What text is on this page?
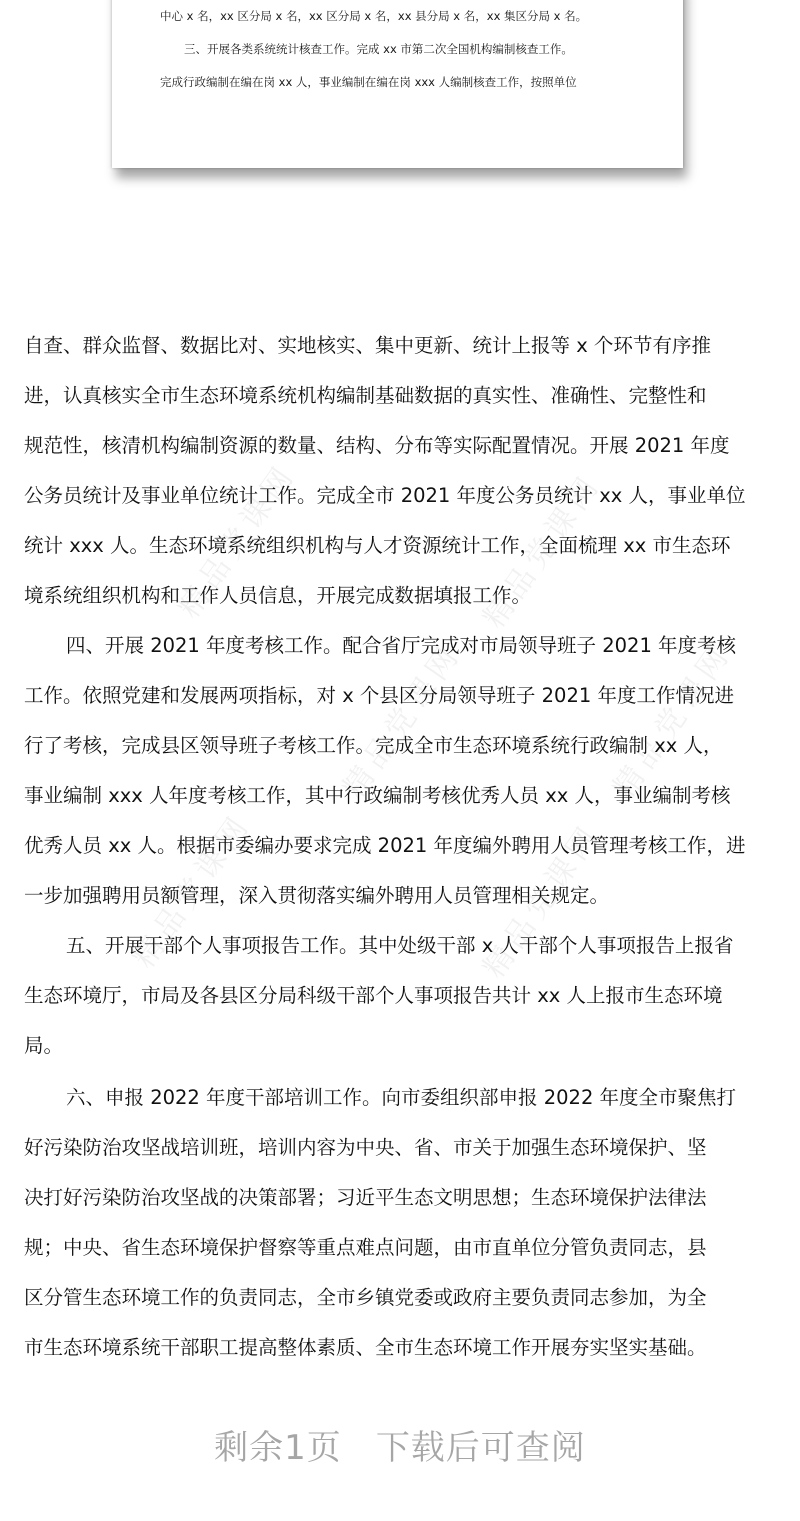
中心 x 名，xx 区分局 x 名，xx 区分局 x 名，xx 县分局 x 名，xx 集区分局 x 名。
三、开展各类系统统计核查工作。完成 xx 市第二次全国机构编制核查工作。
完成行政编制在编在岗 xx 人，事业编制在编在岗 xxx 人编制核查工作，按照单位
精品党课网	精品党课网
精品党课网	精品党课网
精品党课网	精品党课网
自查、群众监督、数据比对、实地核实、集中更新、统计上报等 x 个环节有序推
进，认真核实全市生态环境系统机构编制基础数据的真实性、准确性、完整性和
规范性，核清机构编制资源的数量、结构、分布等实际配置情况。开展 2021 年度
公务员统计及事业单位统计工作。完成全市 2021 年度公务员统计 xx 人，事业单位
统计 xxx 人。生态环境系统组织机构与人才资源统计工作，全面梳理 xx 市生态环
境系统组织机构和工作人员信息，开展完成数据填报工作。
四、开展 2021 年度考核工作。配合省厅完成对市局领导班子 2021 年度考核
工作。依照党建和发展两项指标，对 x 个县区分局领导班子 2021 年度工作情况进
行了考核，完成县区领导班子考核工作。完成全市生态环境系统行政编制 xx 人，
事业编制 xxx 人年度考核工作，其中行政编制考核优秀人员 xx 人，事业编制考核
优秀人员 xx 人。根据市委编办要求完成 2021 年度编外聘用人员管理考核工作，进
一步加强聘用员额管理，深入贯彻落实编外聘用人员管理相关规定。
五、开展干部个人事项报告工作。其中处级干部 x 人干部个人事项报告上报省
生态环境厅，市局及各县区分局科级干部个人事项报告共计 xx 人上报市生态环境
局。
六、申报 2022 年度干部培训工作。向市委组织部申报 2022 年度全市聚焦打
好污染防治攻坚战培训班，培训内容为中央、省、市关于加强生态环境保护、坚
决打好污染防治攻坚战的决策部署；习近平生态文明思想；生态环境保护法律法
规；中央、省生态环境保护督察等重点难点问题，由市直单位分管负责同志，县
区分管生态环境工作的负责同志，全市乡镇党委或政府主要负责同志参加，为全
市生态环境系统干部职工提高整体素质、全市生态环境工作开展夯实坚实基础。
剩余1页 下载后可查阅
